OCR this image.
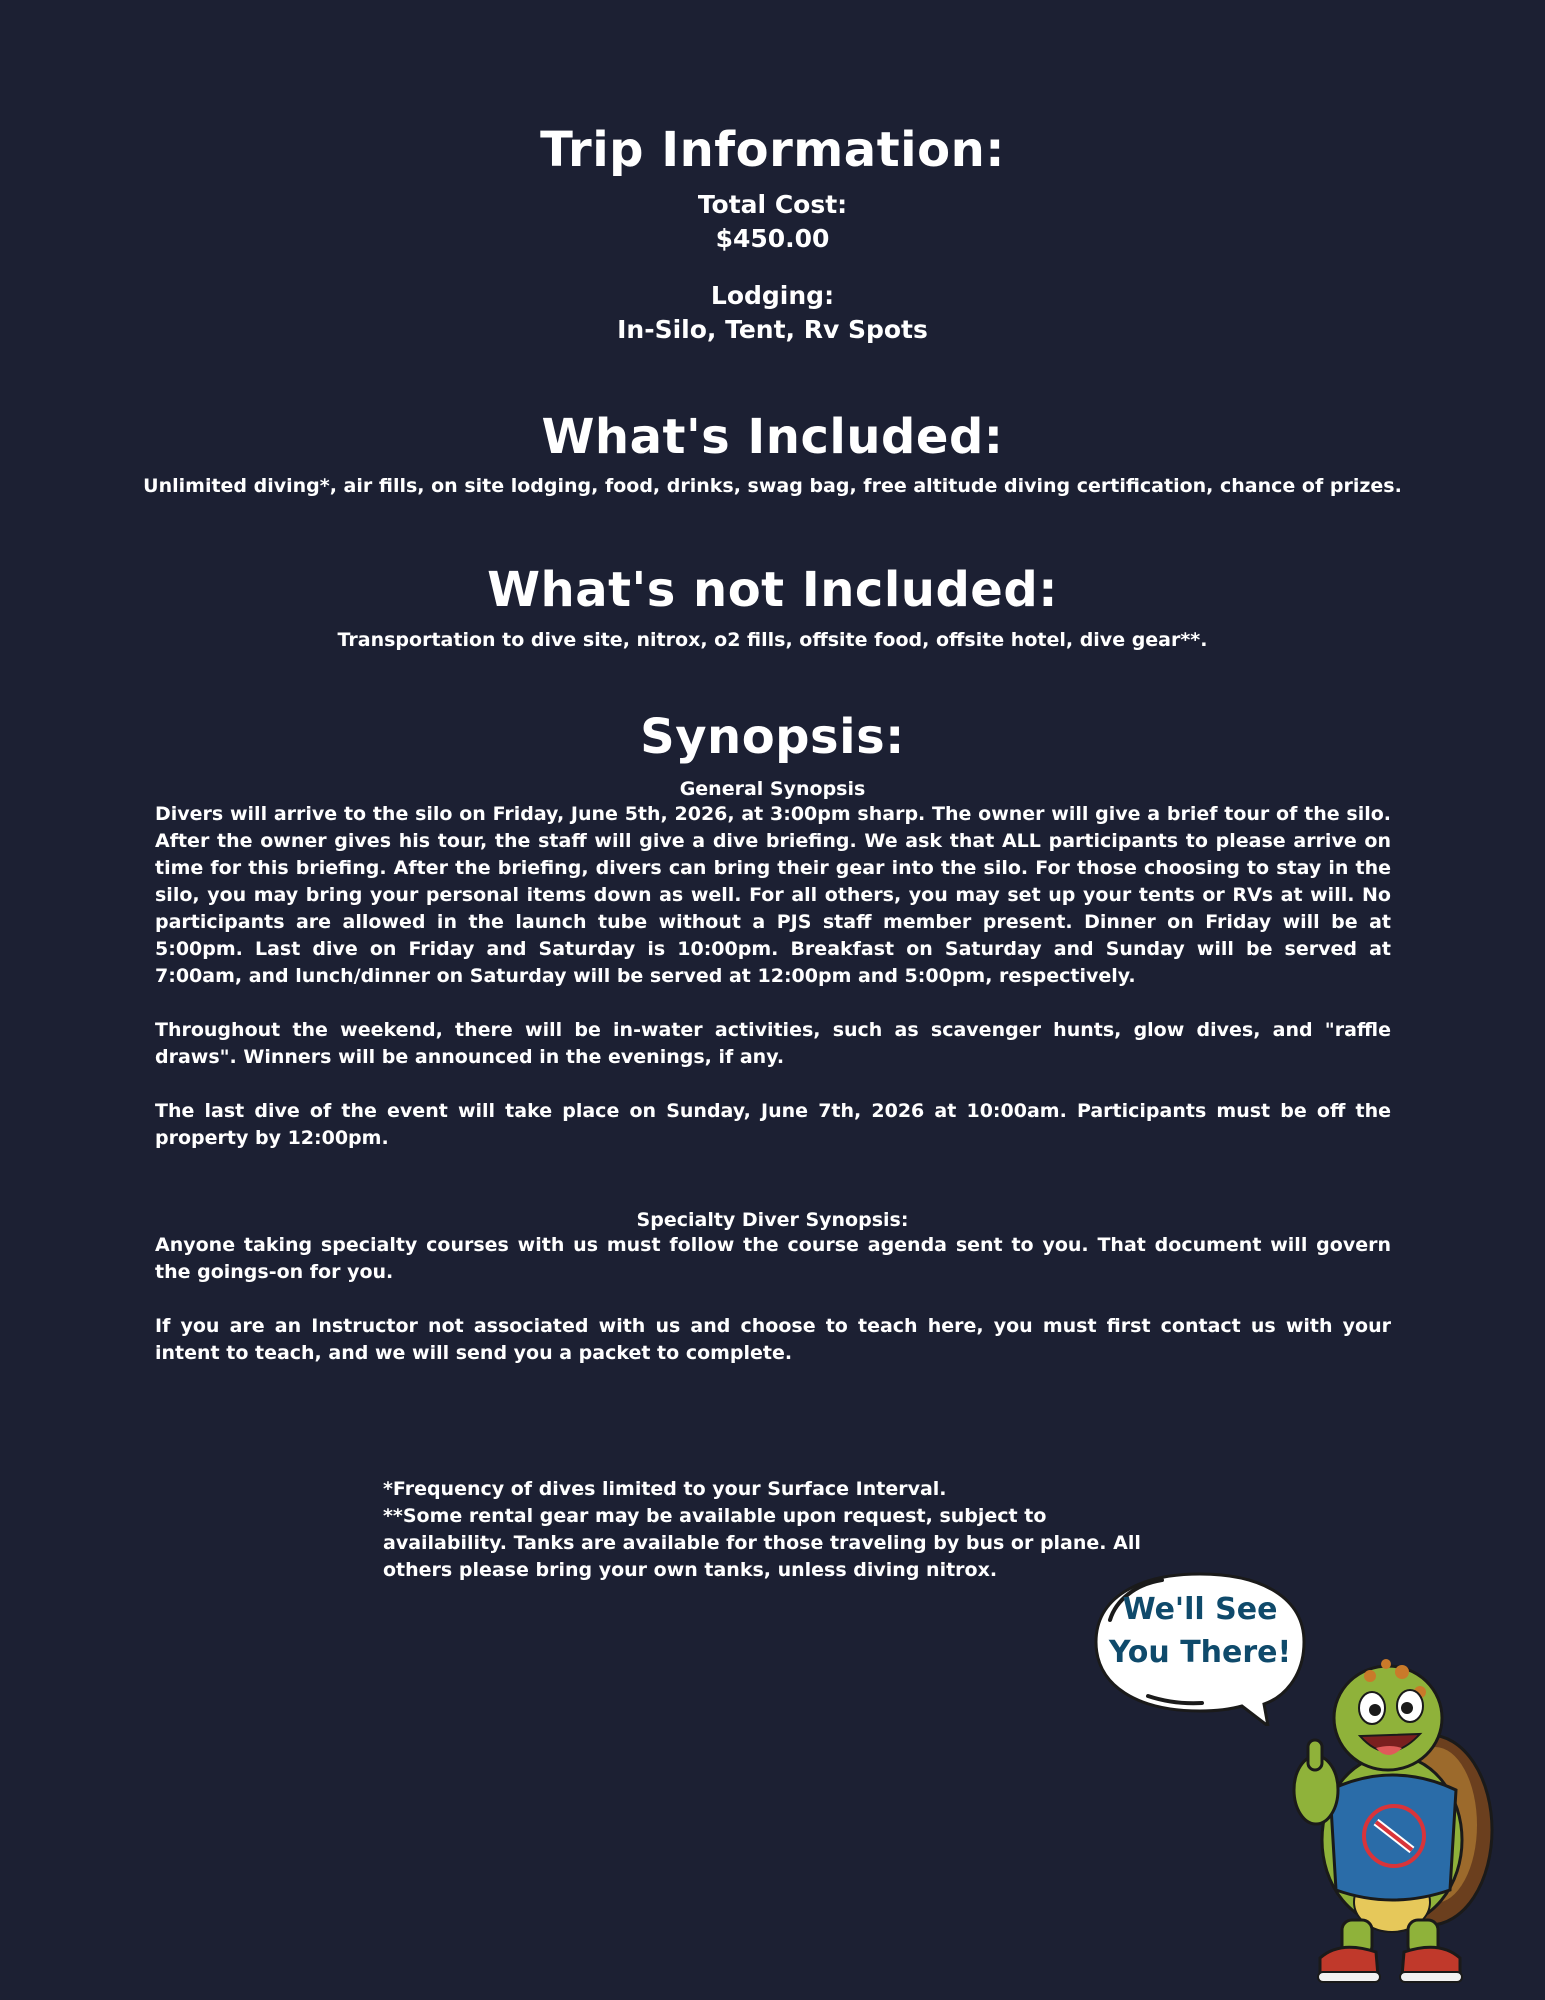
Trip Information:
Total Cost:
$450.00
Lodging:
In-Silo, Tent, Rv Spots
What's Included:
Unlimited diving*, air fills, on site lodging, food, drinks, swag bag, free altitude diving certification, chance of prizes.
What's not Included:
Transportation to dive site, nitrox, o2 fills, offsite food, offsite hotel, dive gear**.
Synopsis:
General Synopsis
Divers will arrive to the silo on Friday, June 5th, 2026, at 3:00pm sharp. The owner will give a brief tour of the silo. After the owner gives his tour, the staff will give a dive briefing. We ask that ALL participants to please arrive on time for this briefing. After the briefing, divers can bring their gear into the silo. For those choosing to stay in the silo, you may bring your personal items down as well. For all others, you may set up your tents or RVs at will. No participants are allowed in the launch tube without a PJS staff member present. Dinner on Friday will be at 5:00pm. Last dive on Friday and Saturday is 10:00pm. Breakfast on Saturday and Sunday will be served at 7:00am, and lunch/dinner on Saturday will be served at 12:00pm and 5:00pm, respectively.
Throughout the weekend, there will be in-water activities, such as scavenger hunts, glow dives, and "raffle draws". Winners will be announced in the evenings, if any.
The last dive of the event will take place on Sunday, June 7th, 2026 at 10:00am. Participants must be off the property by 12:00pm.
Specialty Diver Synopsis:
Anyone taking specialty courses with us must follow the course agenda sent to you. That document will govern the goings-on for you.
If you are an Instructor not associated with us and choose to teach here, you must first contact us with your intent to teach, and we will send you a packet to complete.
*Frequency of dives limited to your Surface Interval.
**Some rental gear may be available upon request, subject to availability. Tanks are available for those traveling by bus or plane. All others please bring your own tanks, unless diving nitrox.
We'll See
You There!
